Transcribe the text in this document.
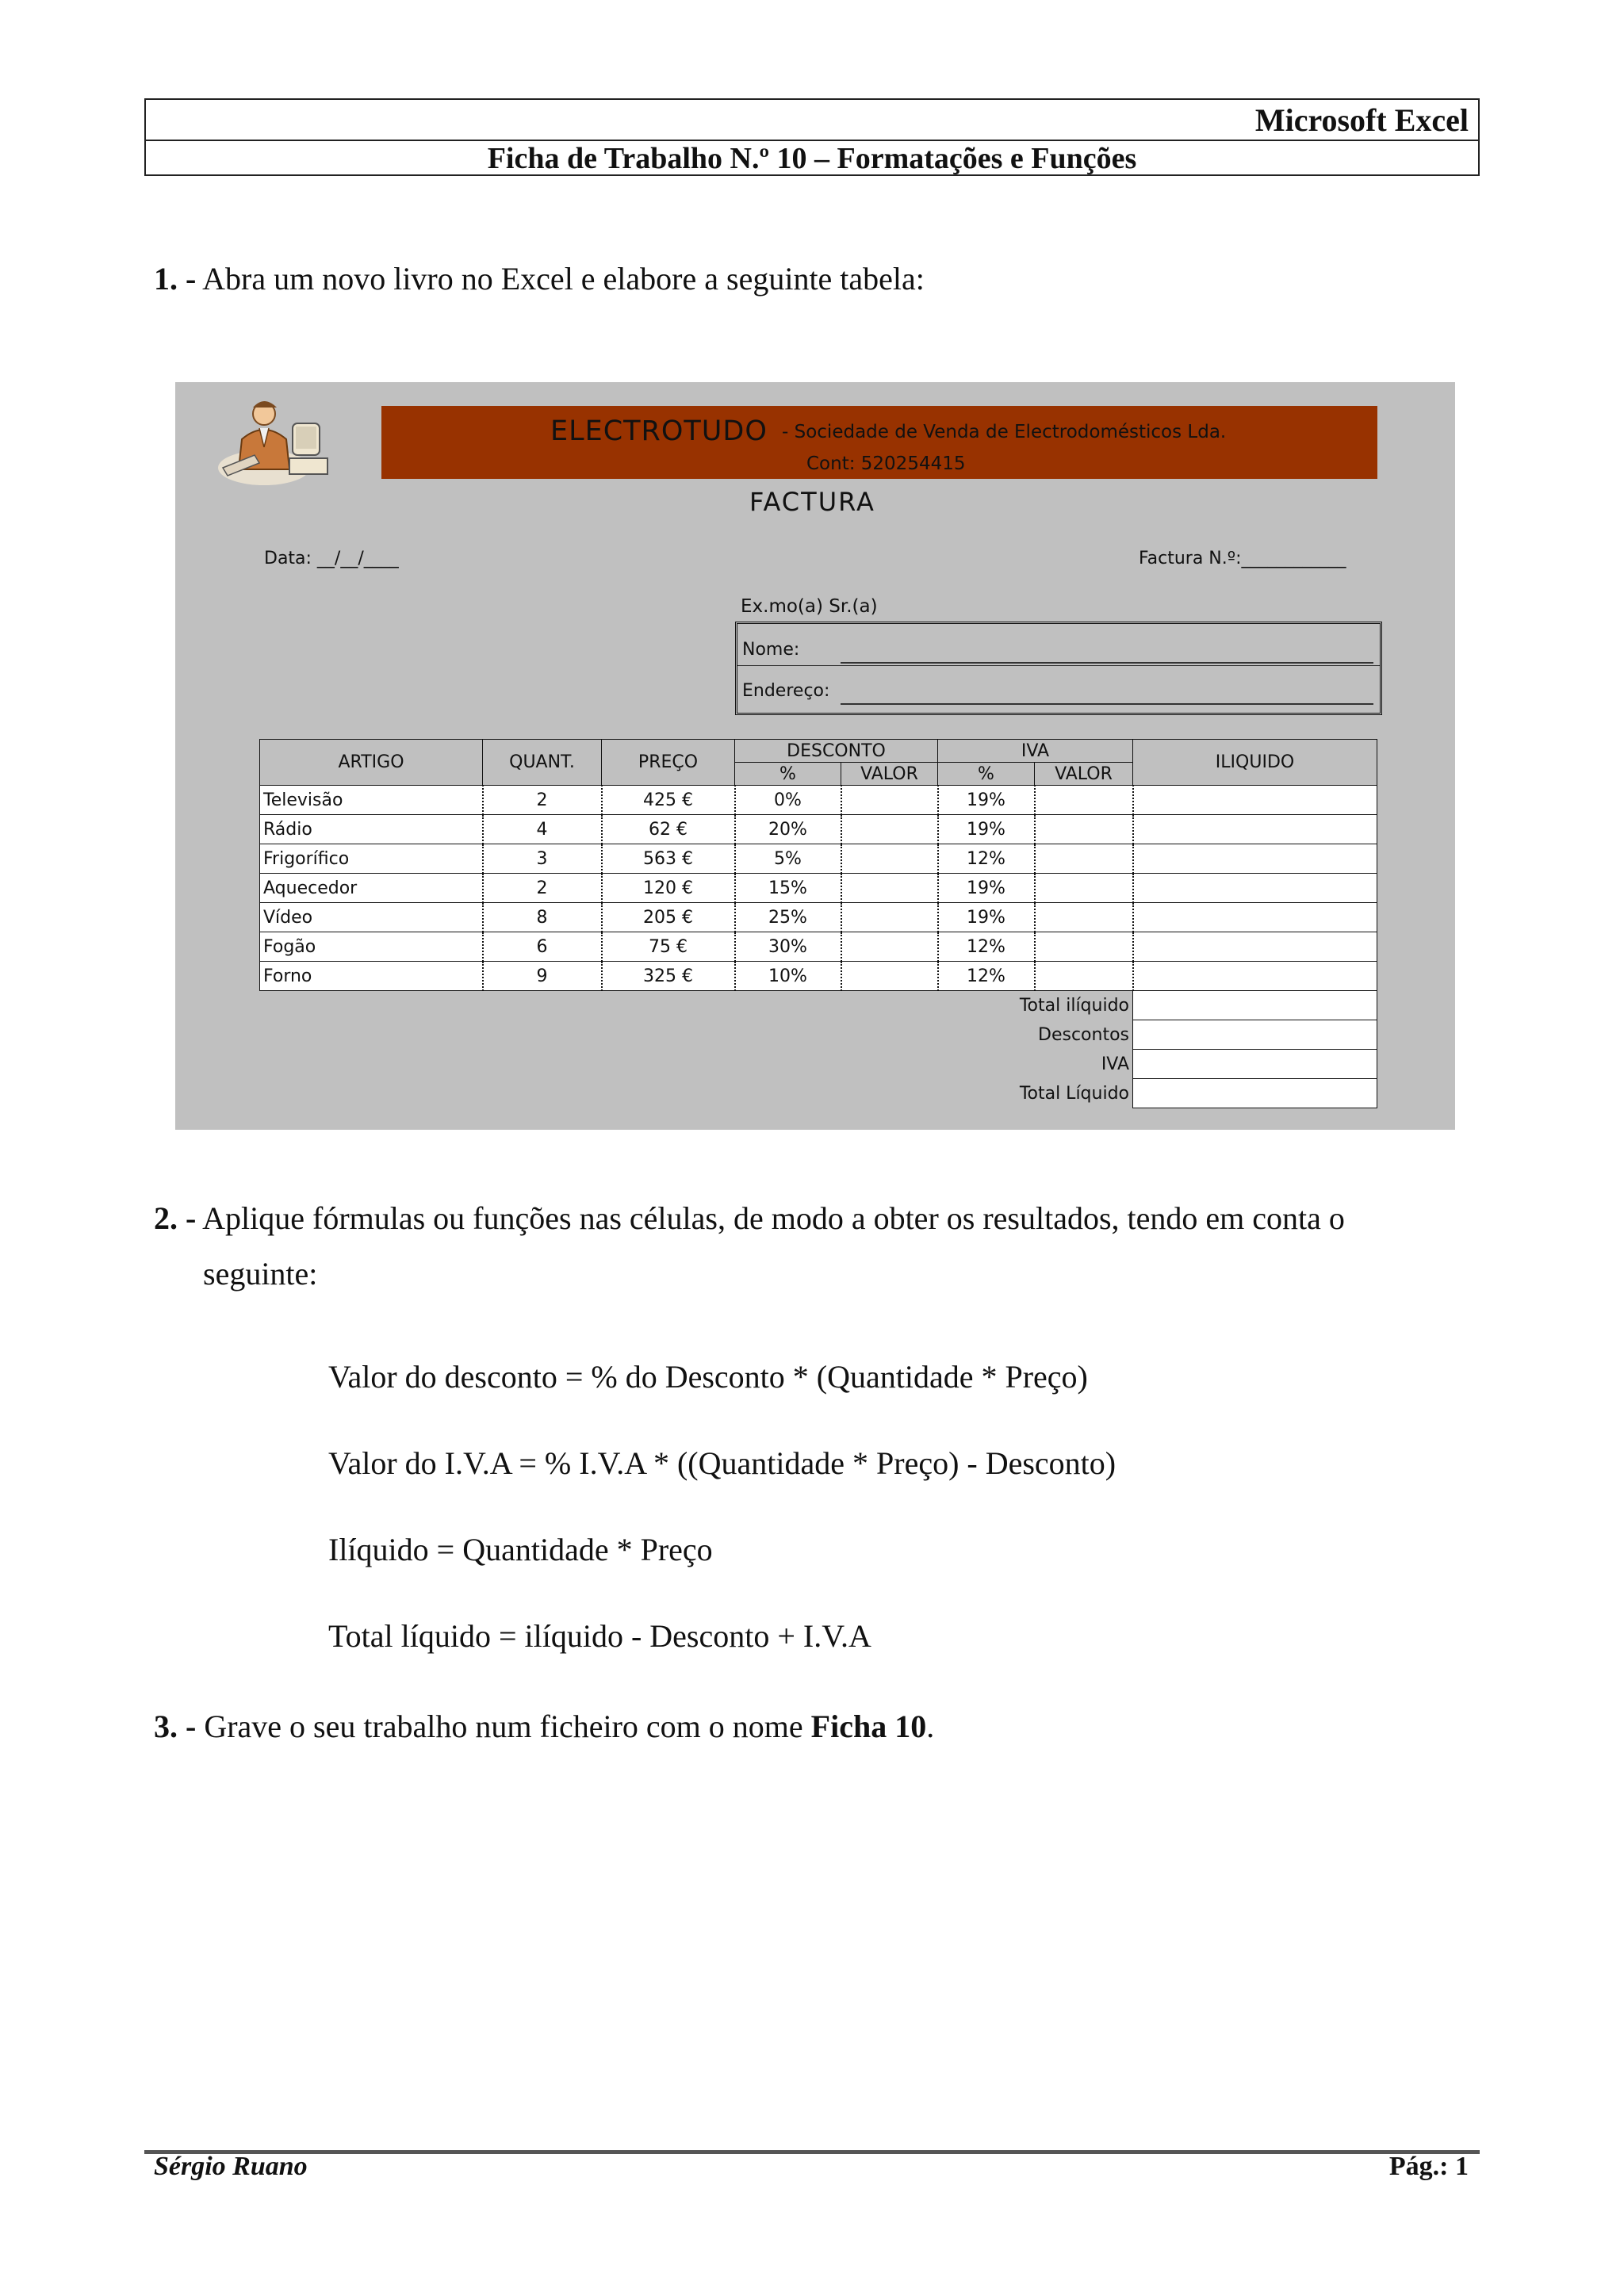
Microsoft Excel
Ficha de Trabalho N.º 10 – Formatações e Funções
1. - Abra um novo livro no Excel e elabore a seguinte tabela:
ELECTROTUDO - Sociedade de Venda de Electrodomésticos Lda.
Cont: 520254415
FACTURA
Data: __/__/____	Factura N.º:____________
Ex.mo(a) Sr.(a)
Nome:
Endereço:
ARTIGO	QUANT.	PREÇO	DESCONTO		IVA		ILIQUIDO
			%	VALOR	%	VALOR	
Televisão	2	425 €	0%		19%		
Rádio	4	62 €	20%		19%		
Frigorífico	3	563 €	5%		12%		
Aquecedor	2	120 €	15%		19%		
Vídeo	8	205 €	25%		19%		
Fogão	6	75 €	30%		12%		
Forno	9	325 €	10%		12%		
Total ilíquido							
Descontos							
IVA							
Total Líquido							
2. - Aplique fórmulas ou funções nas células, de modo a obter os resultados, tendo em conta o
seguinte:
Valor do desconto = % do Desconto * (Quantidade * Preço)
Valor do I.V.A = % I.V.A * ((Quantidade * Preço) - Desconto)
Ilíquido = Quantidade * Preço
Total líquido = ilíquido - Desconto + I.V.A
3. - Grave o seu trabalho num ficheiro com o nome Ficha 10.
Sérgio Ruano	Pág.: 1
